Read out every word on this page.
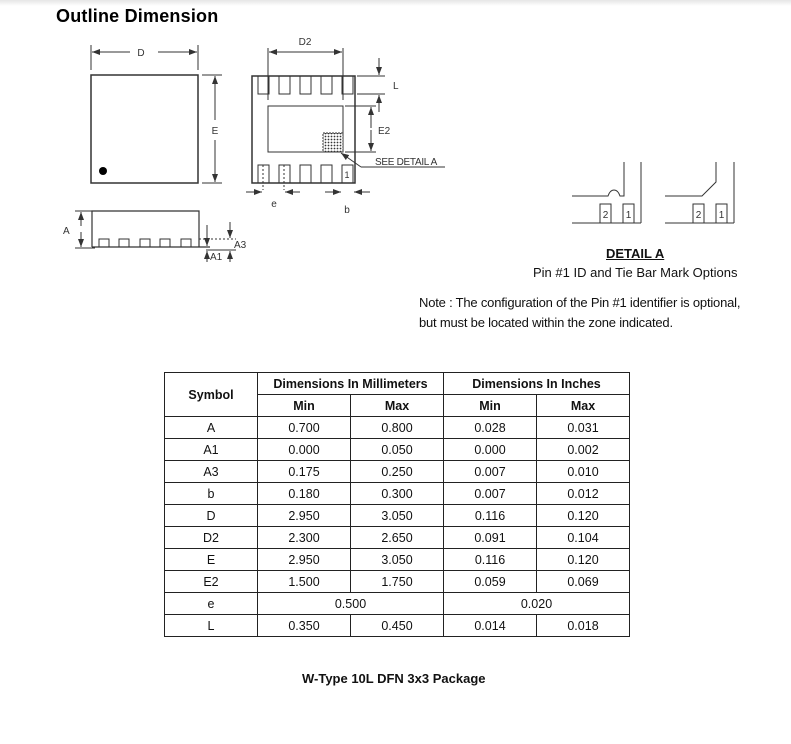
Outline Dimension
D
E
D2
L
E2
SEE DETAIL A
1
e
b
A
A1
A3
2 1	2 1
DETAIL A
Pin #1 ID and Tie Bar Mark Options
Note : The configuration of the Pin #1 identifier is optional,
but must be located within the zone indicated.
Symbol	Dimensions In Millimeters		Dimensions In Inches	
	Min	Max	Min	Max
A	0.700	0.800	0.028	0.031
A1	0.000	0.050	0.000	0.002
A3	0.175	0.250	0.007	0.010
b	0.180	0.300	0.007	0.012
D	2.950	3.050	0.116	0.120
D2	2.300	2.650	0.091	0.104
E	2.950	3.050	0.116	0.120
E2	1.500	1.750	0.059	0.069
e	0.500		0.020	
L	0.350	0.450	0.014	0.018
W-Type 10L DFN 3x3 Package
